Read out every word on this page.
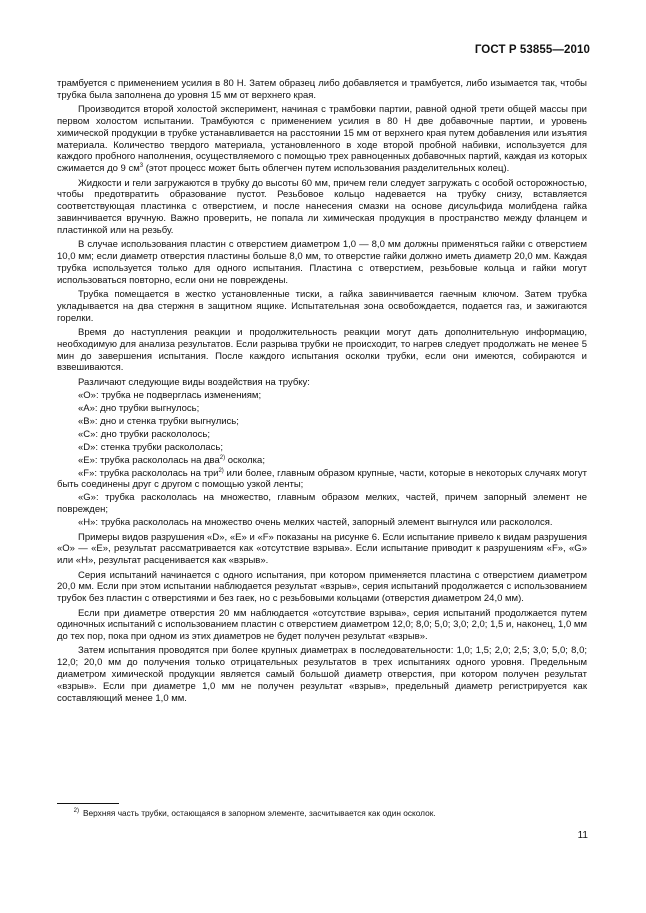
ГОСТ Р 53855—2010

трамбуется с применением усилия в 80 Н. Затем образец либо добавляется и трамбуется, либо изымается так, чтобы трубка была заполнена до уровня 15 мм от верхнего края.

Производится второй холостой эксперимент, начиная с трамбовки партии, равной одной трети общей массы при первом холостом испытании. Трамбуются с применением усилия в 80 Н две добавочные партии, и уровень химической продукции в трубке устанавливается на расстоянии 15 мм от верхнего края путем добавления или изъятия материала. Количество твердого материала, установленного в ходе второй пробной набивки, используется для каждого пробного наполнения, осуществляемого с помощью трех равноценных добавочных партий, каждая из которых сжимается до 9 $см^3$ (этот процесс может быть облегчен путем использования разделительных колец).

Жидкости и гели загружаются в трубку до высоты 60 мм, причем гели следует загружать с особой осторожностью, чтобы предотвратить образование пустот. Резьбовое кольцо надевается на трубку снизу, вставляется соответствующая пластинка с отверстием, и после нанесения смазки на основе дисульфида молибдена гайка завинчивается вручную. Важно проверить, не попала ли химическая продукция в пространство между фланцем и пластинкой или на резьбу.

В случае использования пластин с отверстием диаметром 1,0 — 8,0 мм должны применяться гайки с отверстием 10,0 мм; если диаметр отверстия пластины больше 8,0 мм, то отверстие гайки должно иметь диаметр 20,0 мм. Каждая трубка используется только для одного испытания. Пластина с отверстием, резьбовые кольца и гайки могут использоваться повторно, если они не повреждены.

Трубка помещается в жестко установленные тиски, а гайка завинчивается гаечным ключом. Затем трубка укладывается на два стержня в защитном ящике. Испытательная зона освобождается, подается газ, и зажигаются горелки.

Время до наступления реакции и продолжительность реакции могут дать дополнительную информацию, необходимую для анализа результатов. Если разрыва трубки не происходит, то нагрев следует продолжать не менее 5 мин до завершения испытания. После каждого испытания осколки трубки, если они имеются, собираются и взвешиваются.

Различают следующие виды воздействия на трубку:

«O»: трубка не подверглась изменениям;

«A»: дно трубки выгнулось;

«B»: дно и стенка трубки выгнулись;

«C»: дно трубки раскололось;

«D»: стенка трубки раскололась;

«E»: трубка раскололась на два$^{2)}$ осколка;

«F»: трубка раскололась на три$^{2)}$ или более, главным образом крупные, части, которые в некоторых случаях могут быть соединены друг с другом с помощью узкой ленты;

«G»: трубка раскололась на множество, главным образом мелких, частей, причем запорный элемент не поврежден;

«H»: трубка раскололась на множество очень мелких частей, запорный элемент выгнулся или раскололся.

Примеры видов разрушения «D», «E» и «F» показаны на рисунке 6. Если испытание привело к видам разрушения «O» — «E», результат рассматривается как «отсутствие взрыва». Если испытание приводит к разрушениям «F», «G» или «H», результат расценивается как «взрыв».

Серия испытаний начинается с одного испытания, при котором применяется пластина с отверстием диаметром 20,0 мм. Если при этом испытании наблюдается результат «взрыв», серия испытаний продолжается с использованием трубок без пластин с отверстиями и без гаек, но с резьбовыми кольцами (отверстия диаметром 24,0 мм).

Если при диаметре отверстия 20 мм наблюдается «отсутствие взрыва», серия испытаний продолжается путем одиночных испытаний с использованием пластин с отверстием диаметром 12,0; 8,0; 5,0; 3,0; 2,0; 1,5 и, наконец, 1,0 мм до тех пор, пока при одном из этих диаметров не будет получен результат «взрыв».

Затем испытания проводятся при более крупных диаметрах в последовательности: 1,0; 1,5; 2,0; 2,5; 3,0; 5,0; 8,0; 12,0; 20,0 мм до получения только отрицательных результатов в трех испытаниях одного уровня. Предельным диаметром химической продукции является самый большой диаметр отверстия, при котором получен результат «взрыв». Если при диаметре 1,0 мм не получен результат «взрыв», предельный диаметр регистрируется как составляющий менее 1,0 мм.

$^{2)}$ Верхняя часть трубки, остающаяся в запорном элементе, засчитывается как один осколок.
11
